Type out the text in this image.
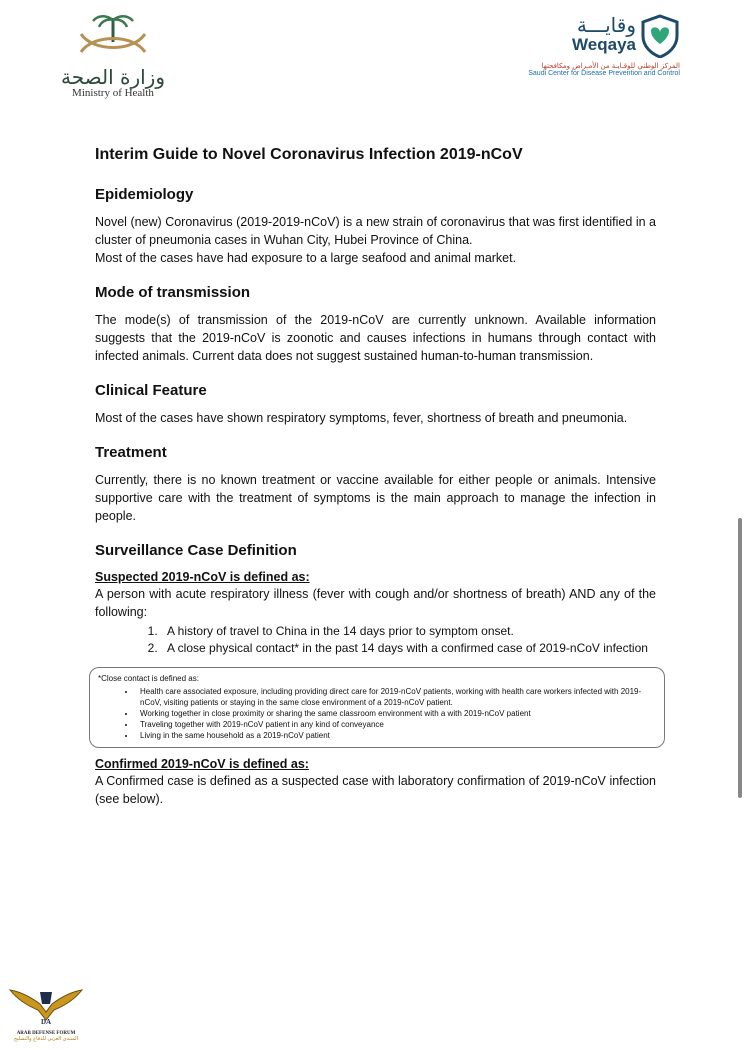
وزارة الصحة
Ministry of Health
وقايـــة
Weqaya
المركز الوطني للوقـايـة من الأمـراض ومكافحتها
Saudi Center for Disease Prevention and Control
Interim Guide to Novel Coronavirus Infection 2019-nCoV
Epidemiology

Novel (new) Coronavirus (2019-2019-nCoV) is a new strain of coronavirus that was first identified in a cluster of pneumonia cases in Wuhan City, Hubei Province of China.

Most of the cases have had exposure to a large seafood and animal market.

Mode of transmission

The mode(s) of transmission of the 2019-nCoV are currently unknown. Available information suggests that the 2019-nCoV is zoonotic and causes infections in humans through contact with infected animals. Current data does not suggest sustained human-to-human transmission.

Clinical Feature

Most of the cases have shown respiratory symptoms, fever, shortness of breath and pneumonia.

Treatment

Currently, there is no known treatment or vaccine available for either people or animals. Intensive supportive care with the treatment of symptoms is the main approach to manage the infection in people.

Surveillance Case Definition

Suspected 2019-nCoV is defined as:

A person with acute respiratory illness (fever with cough and/or shortness of breath) AND any of the following:

1. A history of travel to China in the 14 days prior to symptom onset.
2. A close physical contact* in the past 14 days with a confirmed case of 2019-nCoV infection
*Close contact is defined as:
• Health care associated exposure, including providing direct care for 2019-nCoV patients, working with health care workers infected with 2019-nCoV, visiting patients or staying in the same close environment of a 2019-nCoV patient.
• Working together in close proximity or sharing the same classroom environment with a with 2019-nCoV patient
• Traveling together with 2019-nCoV patient in any kind of conveyance
• Living in the same household as a 2019-nCoV patient

Confirmed 2019-nCoV is defined as:

A Confirmed case is defined as a suspected case with laboratory confirmation of 2019-nCoV infection (see below).

DA
ARAB DEFENSE FORUM
المنتدى العربي للدفاع والتسليح
